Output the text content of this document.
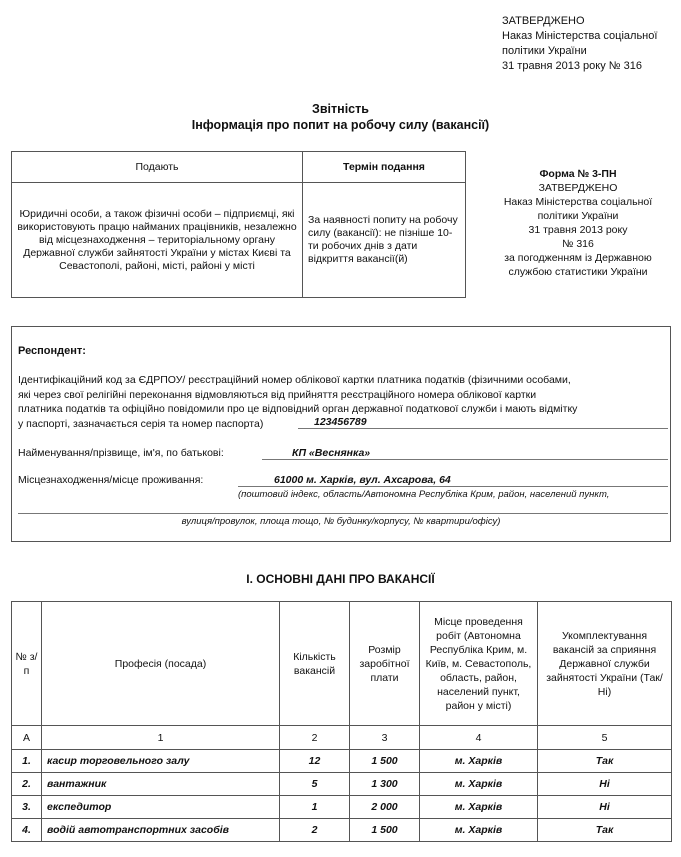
ЗАТВЕРДЖЕНО
Наказ Міністерства соціальної
політики України
31 травня 2013 року № 316
Звітність
Інформація про попит на робочу силу (вакансії)
Подають	Термін подання
Юридичні особи, а також фізичні особи – підприємці, які використовують працю найманих працівників, незалежно від місцезнаходження – територіальному органу Державної служби зайнятості України у містах Києві та Севастополі, районі, місті, районі у місті	За наявності попиту на робочу силу (вакансії): не пізніше 10-ти робочих днів з дати відкриття вакансії(й)
Форма № 3-ПН
ЗАТВЕРДЖЕНО
Наказ Міністерства соціальної
політики України
31 травня 2013 року
№ 316
за погодженням із Державною
службою статистики України
Респондент:
Ідентифікаційний код за ЄДРПОУ/ реєстраційний номер облікової картки платника податків (фізичними особами,
які через свої релігійні переконання відмовляються від прийняття реєстраційного номера облікової картки
платника податків та офіційно повідомили про це відповідний орган державної податкової служби і мають відмітку
у паспорті, зазначається серія та номер паспорта)	123456789
Найменування/прізвище, ім'я, по батькові:	КП «Веснянка»
Місцезнаходження/місце проживання:	61000 м. Харків, вул. Ахсарова, 64
(поштовий індекс, область/Автономна Республіка Крим, район, населений пункт,
вулиця/провулок, площа тощо, № будинку/корпусу, № квартири/офісу)
І. ОСНОВНІ ДАНІ ПРО ВАКАНСІЇ
№ з/п	Професія (посада)	Кількість вакансій	Розмір заробітної плати	Місце проведення робіт (Автономна Республіка Крим, м. Київ, м. Севастополь, область, район, населений пункт, район у місті)	Укомплектування вакансій за сприяння Державної служби зайнятості України (Так/Ні)
А	1	2	3	4	5
1.	касир торговельного залу	12	1 500	м. Харків	Так
2.	вантажник	5	1 300	м. Харків	Ні
3.	експедитор	1	2 000	м. Харків	Ні
4.	водій автотранспортних засобів	2	1 500	м. Харків	Так
